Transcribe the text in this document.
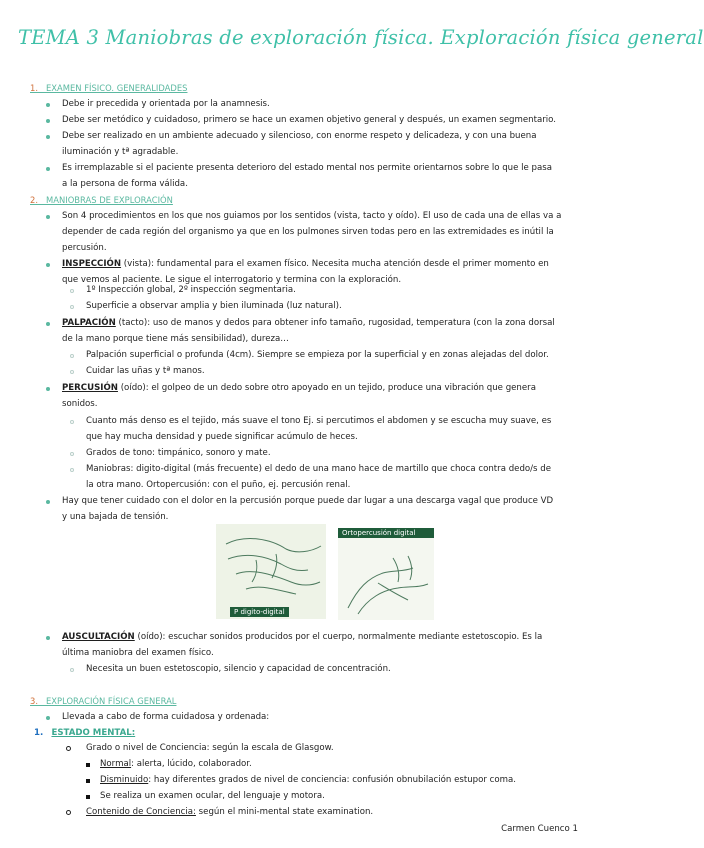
TEMA 3 Maniobras de exploración física. Exploración física general
1. EXAMEN FÍSICO. GENERALIDADES
Debe ir precedida y orientada por la anamnesis.
Debe ser metódico y cuidadoso, primero se hace un examen objetivo general y después, un examen segmentario.
Debe ser realizado en un ambiente adecuado y silencioso, con enorme respeto y delicadeza, y con una buena
iluminación y tª agradable.
Es irremplazable si el paciente presenta deterioro del estado mental nos permite orientarnos sobre lo que le pasa
a la persona de forma válida.
2. MANIOBRAS DE EXPLORACIÓN
Son 4 procedimientos en los que nos guiamos por los sentidos (vista, tacto y oído). El uso de cada una de ellas va a
depender de cada región del organismo ya que en los pulmones sirven todas pero en las extremidades es inútil la
percusión.
INSPECCIÓN (vista): fundamental para el examen físico. Necesita mucha atención desde el primer momento en
que vemos al paciente. Le sigue el interrogatorio y termina con la exploración.
1º Inspección global, 2º inspección segmentaria.
Superficie a observar amplia y bien iluminada (luz natural).
PALPACIÓN (tacto): uso de manos y dedos para obtener info tamaño, rugosidad, temperatura (con la zona dorsal
de la mano porque tiene más sensibilidad), dureza…
Palpación superficial o profunda (4cm). Siempre se empieza por la superficial y en zonas alejadas del dolor.
Cuidar las uñas y tª manos.
PERCUSIÓN (oído): el golpeo de un dedo sobre otro apoyado en un tejido, produce una vibración que genera
sonidos.
Cuanto más denso es el tejido, más suave el tono Ej. si percutimos el abdomen y se escucha muy suave, es
que hay mucha densidad y puede significar acúmulo de heces.
Grados de tono: timpánico, sonoro y mate.
Maniobras: digito-digital (más frecuente) el dedo de una mano hace de martillo que choca contra dedo/s de
la otra mano. Ortopercusión: con el puño, ej. percusión renal.
Hay que tener cuidado con el dolor en la percusión porque puede dar lugar a una descarga vagal que produce VD
y una bajada de tensión.
P digito-digital
Ortopercusión digital
AUSCULTACIÓN (oído): escuchar sonidos producidos por el cuerpo, normalmente mediante estetoscopio. Es la
última maniobra del examen físico.
Necesita un buen estetoscopio, silencio y capacidad de concentración.
3. EXPLORACIÓN FÍSICA GENERAL
Llevada a cabo de forma cuidadosa y ordenada:
1. ESTADO MENTAL:
Grado o nivel de Conciencia: según la escala de Glasgow.
Normal: alerta, lúcido, colaborador.
Disminuido: hay diferentes grados de nivel de conciencia: confusión obnubilación estupor coma.
Se realiza un examen ocular, del lenguaje y motora.
Contenido de Conciencia: según el mini-mental state examination.
Carmen Cuenco 1
